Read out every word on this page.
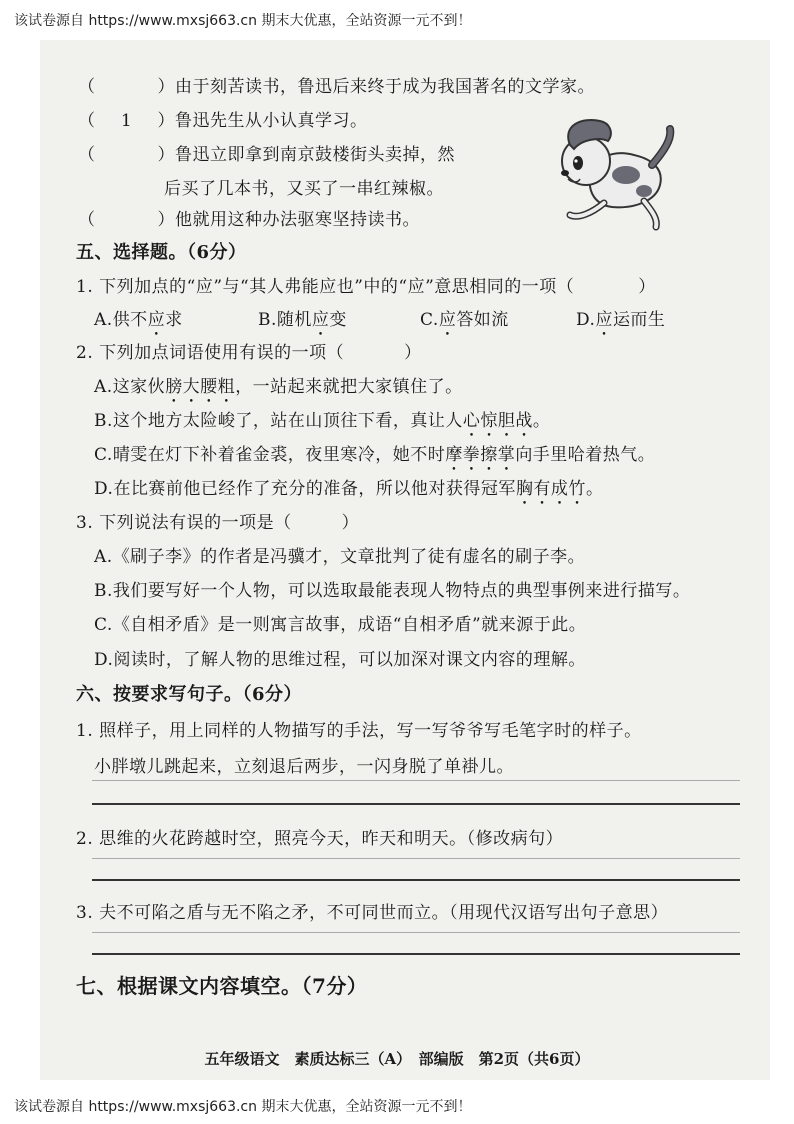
该试卷源自 https://www.mxsj663.cn 期末大优惠，全站资源一元不到！
（	）由于刻苦读书，鲁迅后来终于成为我国著名的文学家。
（ 1 ）鲁迅先生从小认真学习。
（	）鲁迅立即拿到南京鼓楼街头卖掉，然
后买了几本书，又买了一串红辣椒。
（	）他就用这种办法驱寒坚持读书。
五、选择题。（6分）
1. 下列加点的“应”与“其人弗能应也”中的“应”意思相同的一项（	）
A.供不应求	B.随机应变	C.应答如流	D.应运而生
2. 下列加点词语使用有误的一项（	）
A.这家伙膀大腰粗，一站起来就把大家镇住了。
B.这个地方太险峻了，站在山顶往下看，真让人心惊胆战。
C.晴雯在灯下补着雀金裘，夜里寒冷，她不时摩拳擦掌向手里哈着热气。
D.在比赛前他已经作了充分的准备，所以他对获得冠军胸有成竹。
3. 下列说法有误的一项是（	）
A.《刷子李》的作者是冯骥才，文章批判了徒有虚名的刷子李。
B.我们要写好一个人物，可以选取最能表现人物特点的典型事例来进行描写。
C.《自相矛盾》是一则寓言故事，成语“自相矛盾”就来源于此。
D.阅读时，了解人物的思维过程，可以加深对课文内容的理解。
六、按要求写句子。（6分）
1. 照样子，用上同样的人物描写的手法，写一写爷爷写毛笔字时的样子。
小胖墩儿跳起来，立刻退后两步，一闪身脱了单褂儿。
2. 思维的火花跨越时空，照亮今天，昨天和明天。（修改病句）
3. 夫不可陷之盾与无不陷之矛，不可同世而立。（用现代汉语写出句子意思）
七、根据课文内容填空。（7分）
五年级语文　素质达标三（A）　部编版　第2页（共6页）
该试卷源自 https://www.mxsj663.cn 期末大优惠，全站资源一元不到！
